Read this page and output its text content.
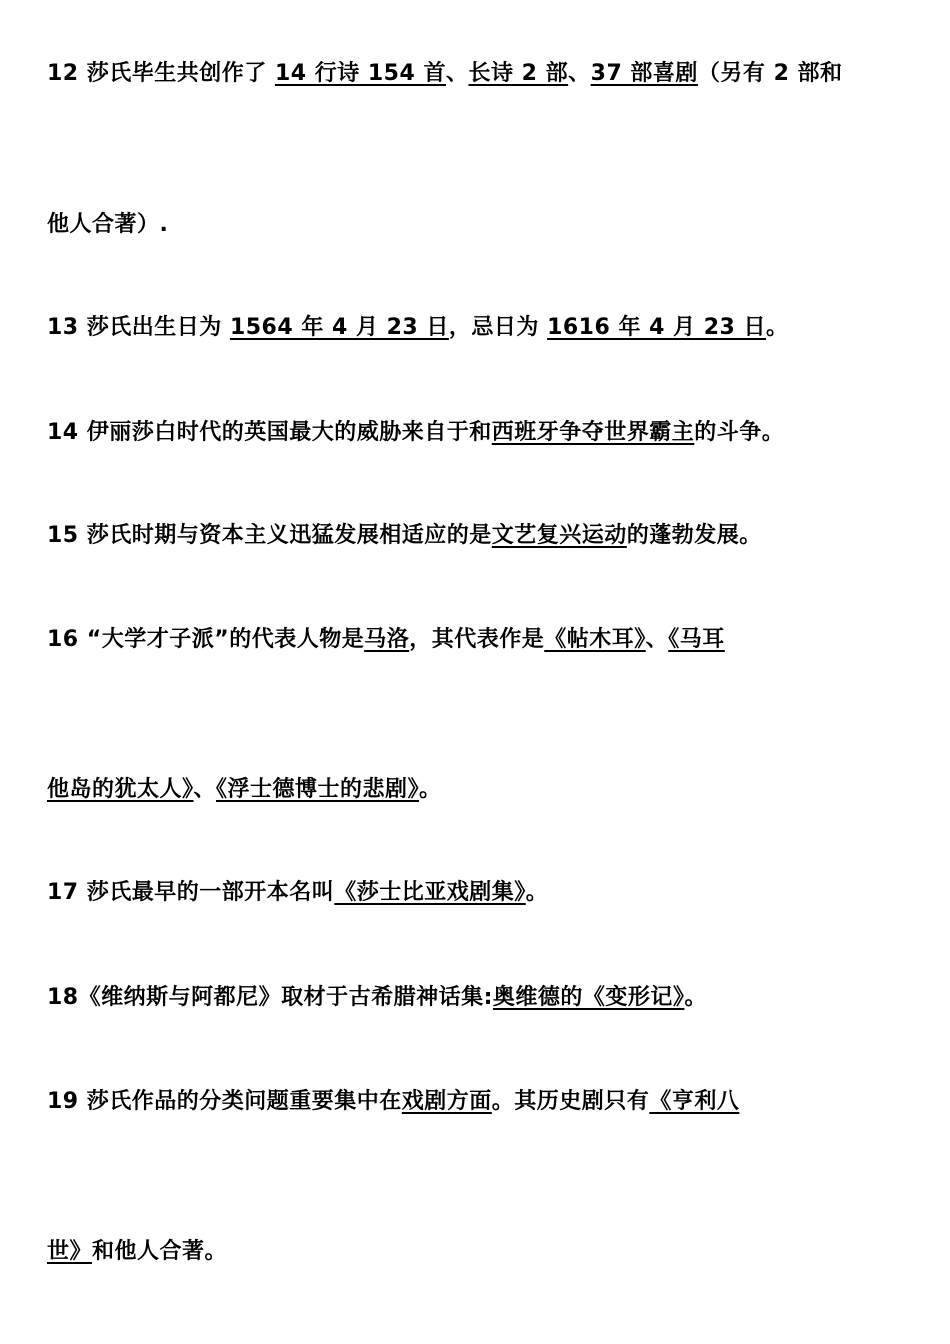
12 莎氏毕生共创作了 14 行诗 154 首、长诗 2 部、37 部喜剧（另有 2 部和
他人合著）.
13 莎氏出生日为 1564 年 4 月 23 日，忌日为 1616 年 4 月 23 日。
14 伊丽莎白时代的英国最大的威胁来自于和西班牙争夺世界霸主的斗争。
15 莎氏时期与资本主义迅猛发展相适应的是文艺复兴运动的蓬勃发展。
16 “大学才子派”的代表人物是马洛，其代表作是《帖木耳》、《马耳
他岛的犹太人》、《浮士德博士的悲剧》。
17 莎氏最早的一部开本名叫《莎士比亚戏剧集》。
18《维纳斯与阿都尼》取材于古希腊神话集:奥维德的《变形记》。
19 莎氏作品的分类问题重要集中在戏剧方面。其历史剧只有《亨利八
世》和他人合著。
